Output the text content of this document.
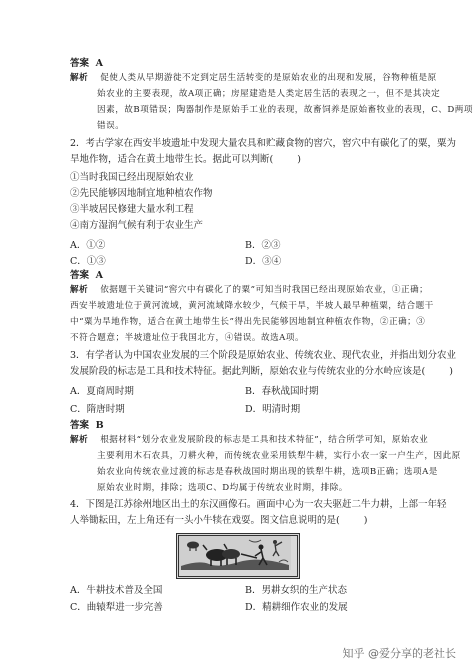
答案 A
解析 促使人类从早期游徙不定到定居生活转变的是原始农业的出现和发展，谷物种植是原
始农业的主要表现，故A项正确；房屋建造是人类定居生活的表现之一，但不是其决定
因素，故B项错误；陶器制作是原始手工业的表现，故畜饲养是原始畜牧业的表现，C、D两项
错误。
2．考古学家在西安半坡遗址中发现大量农具和贮藏食物的窖穴，窖穴中有碳化了的粟，粟为
旱地作物，适合在黄土地带生长。据此可以判断(	)
①当时我国已经出现原始农业
②先民能够因地制宜地种植农作物
③半坡居民修建大量水利工程
④南方湿润气候有利于农业生产
A．①②	B．②③
C．①③	D．③④
答案 A
解析 依据题干关键词“窖穴中有碳化了的粟”可知当时我国已经出现原始农业，①正确；
西安半坡遗址位于黄河流域，黄河流域降水较少，气候干旱，半坡人最早种植粟，结合题干
中“粟为旱地作物，适合在黄土地带生长”得出先民能够因地制宜种植农作物，②正确；③
不符合题意；半坡遗址位于我国北方，④错误。故选A项。
3．有学者认为中国农业发展的三个阶段是原始农业、传统农业、现代农业，并指出划分农业
发展阶段的标志是工具和技术特征。据此判断，原始农业与传统农业的分水岭应该是(	)
A．夏商周时期	B．春秋战国时期
C．隋唐时期	D．明清时期
答案 B
解析 根据材料“划分农业发展阶段的标志是工具和技术特征”，结合所学可知，原始农业
主要利用木石农具，刀耕火种，而传统农业采用铁犁牛耕，实行小农一家一户生产，因此原
始农业向传统农业过渡的标志是春秋战国时期出现的铁犁牛耕，选项B正确；选项A是
原始农业时期，排除；选项C、D均属于传统农业时期，排除。
4．下图是江苏徐州地区出土的东汉画像石。画面中心为一农夫驱赶二牛力耕，上部一年轻
人举锄耘田，左上角还有一头小牛犊在戏耍。图文信息说明的是(	)
A．牛耕技术普及全国	B．男耕女织的生产状态
C．曲辕犁进一步完善	D．精耕细作农业的发展
知乎 @爱分享的老社长
